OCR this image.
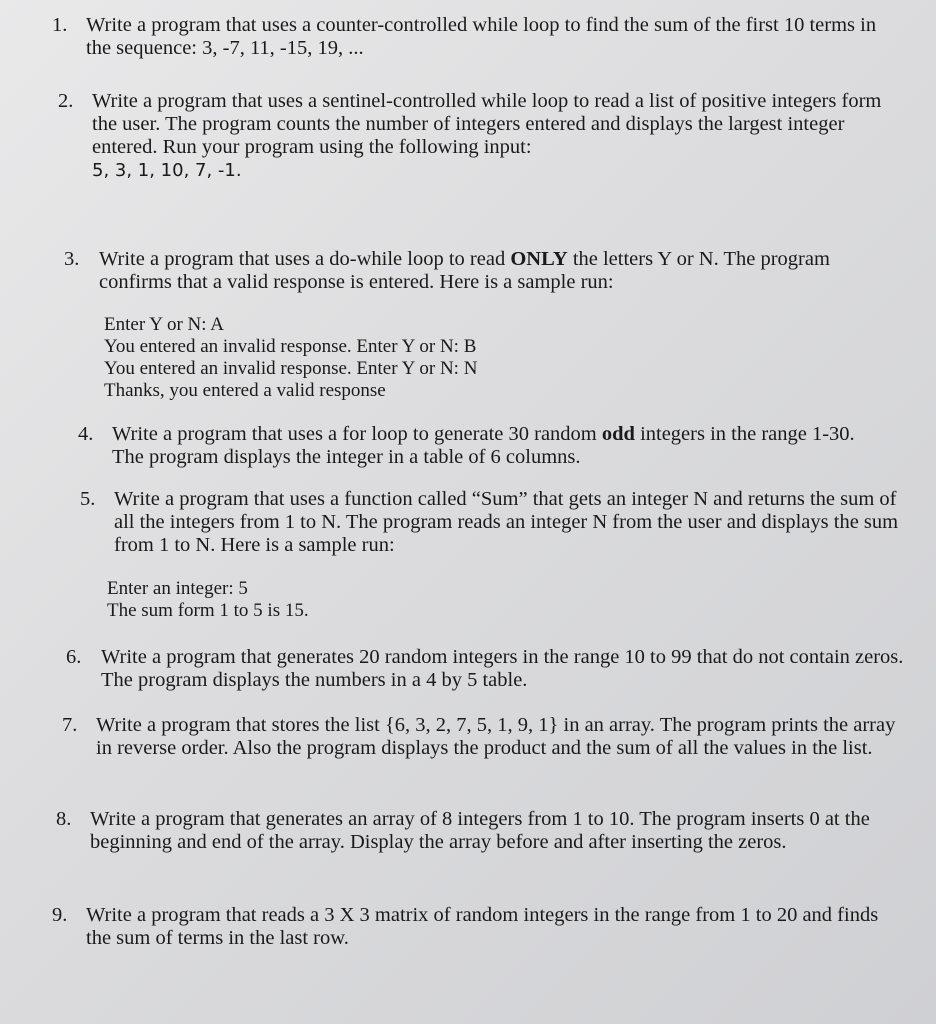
1. Write a program that uses a counter-controlled while loop to find the sum of the first 10 terms in

the sequence: 3, -7, 11, -15, 19, ...

2. Write a program that uses a sentinel-controlled while loop to read a list of positive integers form

the user. The program counts the number of integers entered and displays the largest integer

entered. Run your program using the following input:

5, 3, 1, 10, 7, -1.

3. Write a program that uses a do-while loop to read ONLY the letters Y or N. The program

confirms that a valid response is entered. Here is a sample run:

Enter Y or N: A

You entered an invalid response. Enter Y or N: B

You entered an invalid response. Enter Y or N: N

Thanks, you entered a valid response

4. Write a program that uses a for loop to generate 30 random odd integers in the range 1-30.

The program displays the integer in a table of 6 columns.

5. Write a program that uses a function called “Sum” that gets an integer N and returns the sum of

all the integers from 1 to N. The program reads an integer N from the user and displays the sum

from 1 to N. Here is a sample run:

Enter an integer: 5

The sum form 1 to 5 is 15.

6. Write a program that generates 20 random integers in the range 10 to 99 that do not contain zeros.

The program displays the numbers in a 4 by 5 table.

7. Write a program that stores the list {6, 3, 2, 7, 5, 1, 9, 1} in an array. The program prints the array

in reverse order. Also the program displays the product and the sum of all the values in the list.

8. Write a program that generates an array of 8 integers from 1 to 10. The program inserts 0 at the

beginning and end of the array. Display the array before and after inserting the zeros.

9. Write a program that reads a 3 X 3 matrix of random integers in the range from 1 to 20 and finds

the sum of terms in the last row.
